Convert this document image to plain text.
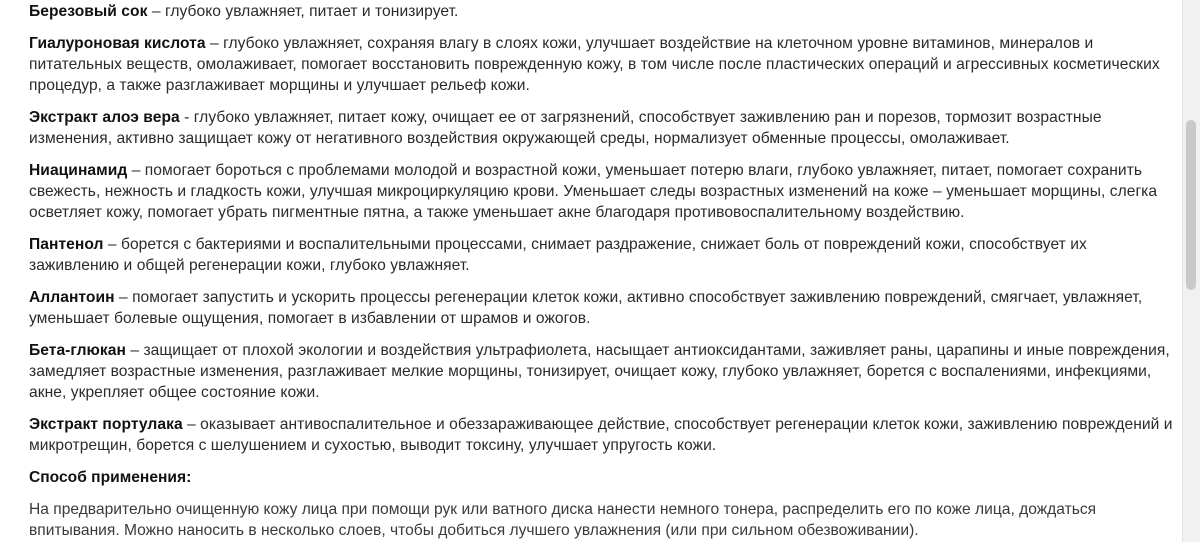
Березовый сок – глубоко увлажняет, питает и тонизирует.

Гиалуроновая кислота – глубоко увлажняет, сохраняя влагу в слоях кожи, улучшает воздействие на клеточном уровне витаминов, минералов и питательных веществ, омолаживает, помогает восстановить поврежденную кожу, в том числе после пластических операций и агрессивных косметических процедур, а также разглаживает морщины и улучшает рельеф кожи.

Экстракт алоэ вера - глубоко увлажняет, питает кожу, очищает ее от загрязнений, способствует заживлению ран и порезов, тормозит возрастные изменения, активно защищает кожу от негативного воздействия окружающей среды, нормализует обменные процессы, омолаживает.

Ниацинамид – помогает бороться с проблемами молодой и возрастной кожи, уменьшает потерю влаги, глубоко увлажняет, питает, помогает сохранить свежесть, нежность и гладкость кожи, улучшая микроциркуляцию крови. Уменьшает следы возрастных изменений на коже – уменьшает морщины, слегка осветляет кожу, помогает убрать пигментные пятна, а также уменьшает акне благодаря противовоспалительному воздействию.

Пантенол – борется с бактериями и воспалительными процессами, снимает раздражение, снижает боль от повреждений кожи, способствует их заживлению и общей регенерации кожи, глубоко увлажняет.

Аллантоин – помогает запустить и ускорить процессы регенерации клеток кожи, активно способствует заживлению повреждений, смягчает, увлажняет, уменьшает болевые ощущения, помогает в избавлении от шрамов и ожогов.

Бета-глюкан – защищает от плохой экологии и воздействия ультрафиолета, насыщает антиоксидантами, заживляет раны, царапины и иные повреждения, замедляет возрастные изменения, разглаживает мелкие морщины, тонизирует, очищает кожу, глубоко увлажняет, борется с воспалениями, инфекциями, акне, укрепляет общее состояние кожи.

Экстракт портулака – оказывает антивоспалительное и обеззараживающее действие, способствует регенерации клеток кожи, заживлению повреждений и микротрещин, борется с шелушением и сухостью, выводит токсину, улучшает упругость кожи.

Способ применения:

На предварительно очищенную кожу лица при помощи рук или ватного диска нанести немного тонера, распределить его по коже лица, дождаться впитывания. Можно наносить в несколько слоев, чтобы добиться лучшего увлажнения (или при сильном обезвоживании).
